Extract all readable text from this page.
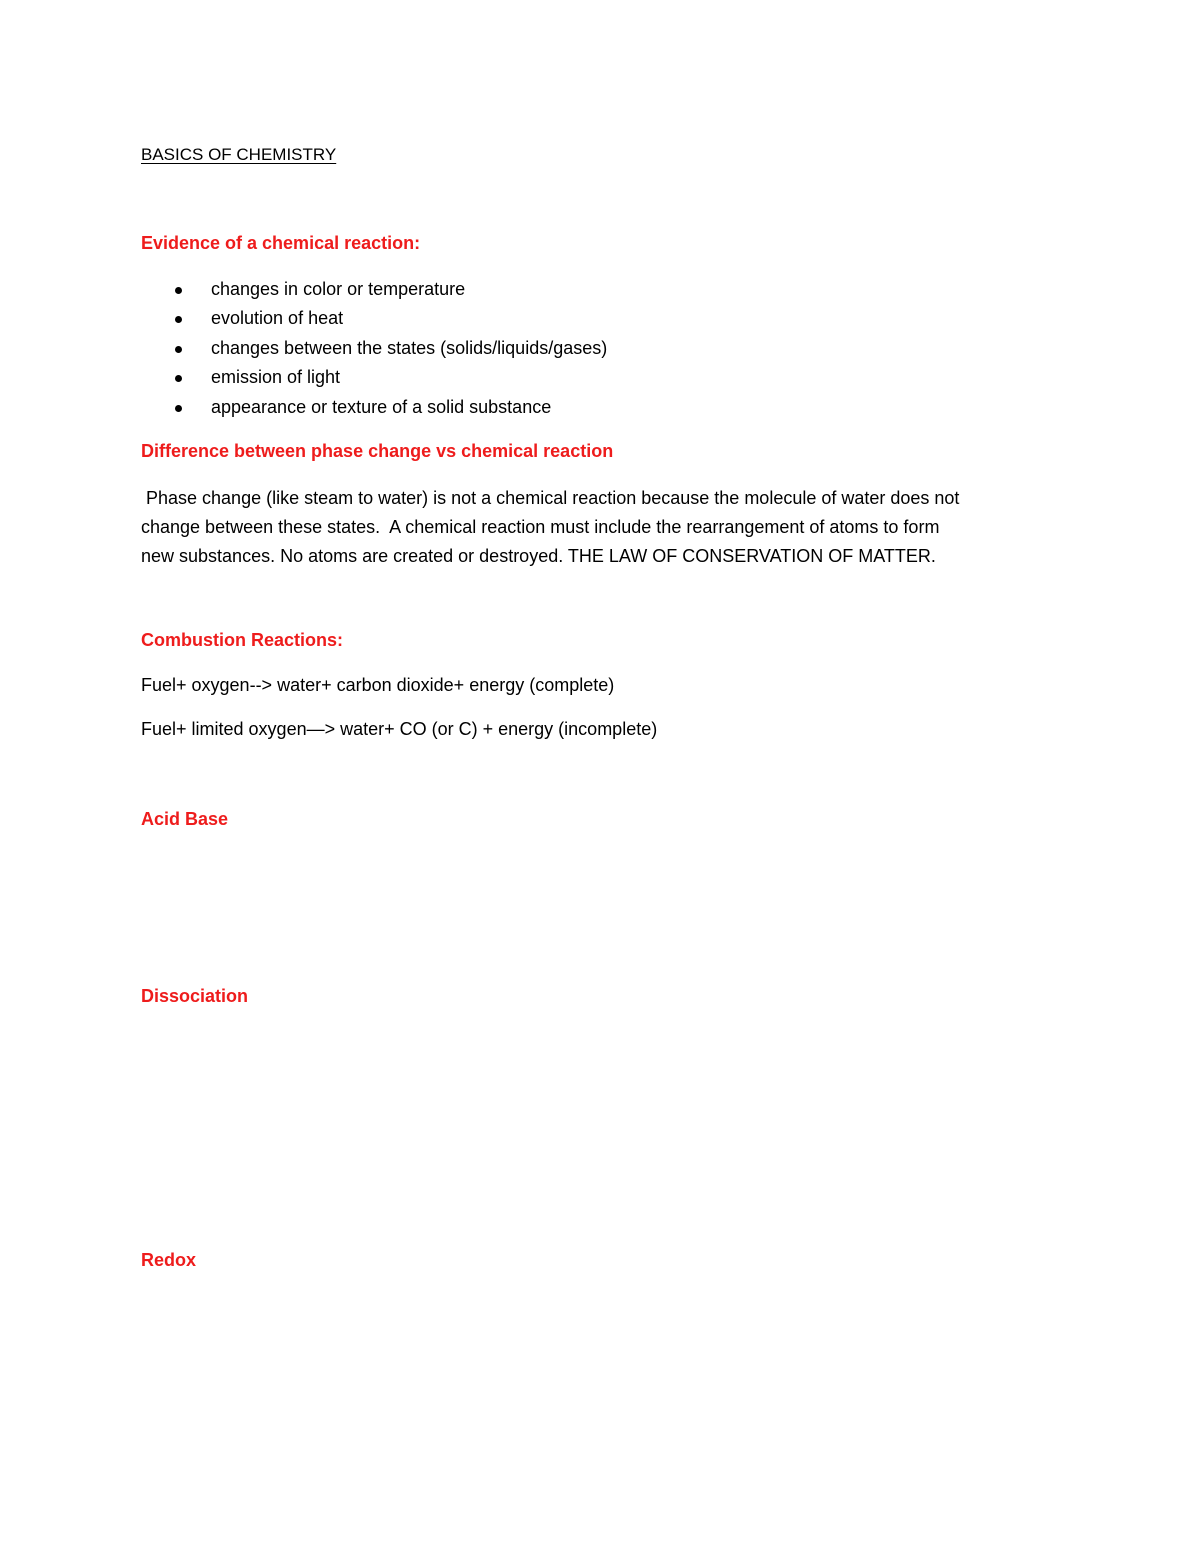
BASICS OF CHEMISTRY
Evidence of a chemical reaction:
changes in color or temperature
evolution of heat
changes between the states (solids/liquids/gases)
emission of light
appearance or texture of a solid substance
Difference between phase change vs chemical reaction
Phase change (like steam to water) is not a chemical reaction because the molecule of water does not
change between these states.  A chemical reaction must include the rearrangement of atoms to form
new substances. No atoms are created or destroyed. THE LAW OF CONSERVATION OF MATTER.
Combustion Reactions:
Fuel+ oxygen--> water+ carbon dioxide+ energy (complete)
Fuel+ limited oxygen—> water+ CO (or C) + energy (incomplete)
Acid Base
Dissociation
Redox
